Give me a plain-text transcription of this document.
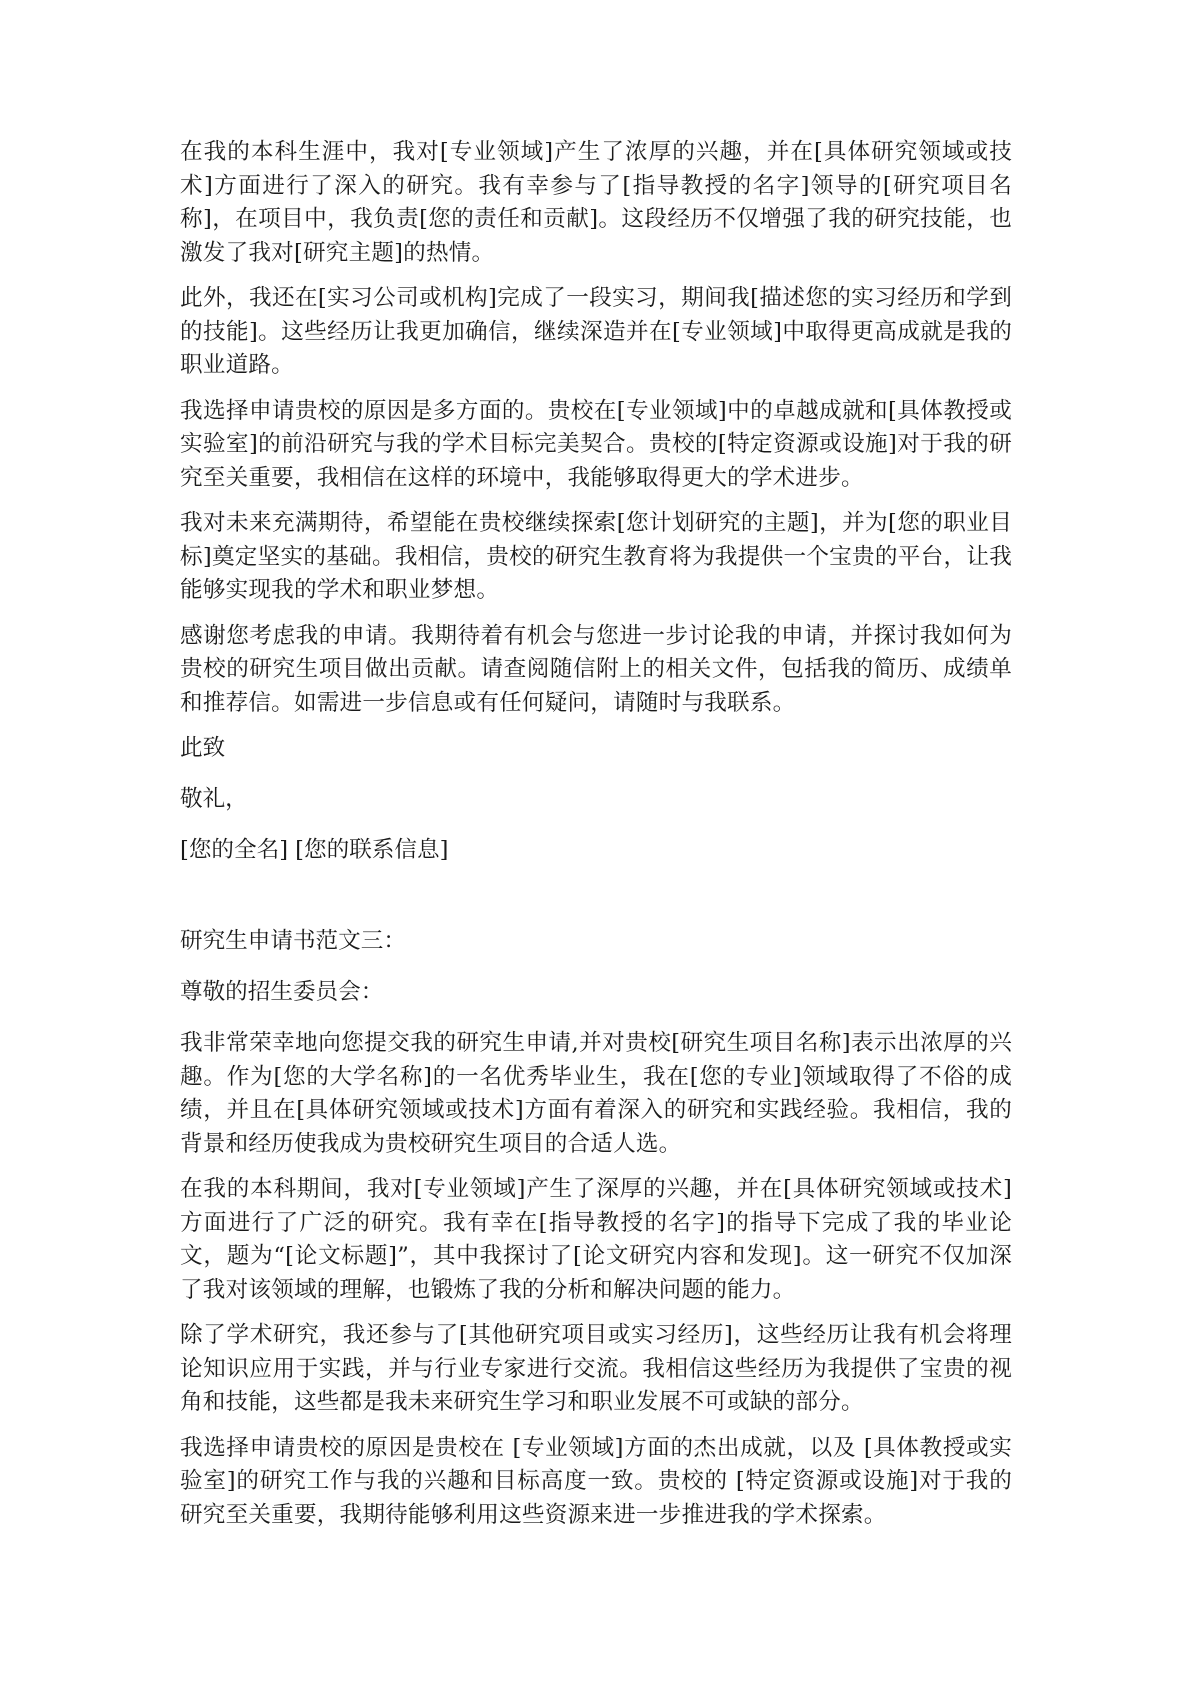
在我的本科生涯中，我对[专业领域]产生了浓厚的兴趣，并在[具体研究领域或技术]方面进行了深入的研究。我有幸参与了[指导教授的名字]领导的[研究项目名称]，在项目中，我负责[您的责任和贡献]。这段经历不仅增强了我的研究技能，也激发了我对[研究主题]的热情。

此外，我还在[实习公司或机构]完成了一段实习，期间我[描述您的实习经历和学到的技能]。这些经历让我更加确信，继续深造并在[专业领域]中取得更高成就是我的职业道路。

我选择申请贵校的原因是多方面的。贵校在[专业领域]中的卓越成就和[具体教授或实验室]的前沿研究与我的学术目标完美契合。贵校的[特定资源或设施]对于我的研究至关重要，我相信在这样的环境中，我能够取得更大的学术进步。

我对未来充满期待，希望能在贵校继续探索[您计划研究的主题]，并为[您的职业目标]奠定坚实的基础。我相信，贵校的研究生教育将为我提供一个宝贵的平台，让我能够实现我的学术和职业梦想。

感谢您考虑我的申请。我期待着有机会与您进一步讨论我的申请，并探讨我如何为贵校的研究生项目做出贡献。请查阅随信附上的相关文件，包括我的简历、成绩单和推荐信。如需进一步信息或有任何疑问，请随时与我联系。

此致

敬礼，

[您的全名] [您的联系信息]

研究生申请书范文三：

尊敬的招生委员会：

我非常荣幸地向您提交我的研究生申请,并对贵校[研究生项目名称]表示出浓厚的兴趣。作为[您的大学名称]的一名优秀毕业生，我在[您的专业]领域取得了不俗的成绩，并且在[具体研究领域或技术]方面有着深入的研究和实践经验。我相信，我的背景和经历使我成为贵校研究生项目的合适人选。

在我的本科期间，我对[专业领域]产生了深厚的兴趣，并在[具体研究领域或技术]方面进行了广泛的研究。我有幸在[指导教授的名字]的指导下完成了我的毕业论文，题为“[论文标题]”，其中我探讨了[论文研究内容和发现]。这一研究不仅加深了我对该领域的理解，也锻炼了我的分析和解决问题的能力。

除了学术研究，我还参与了[其他研究项目或实习经历]，这些经历让我有机会将理论知识应用于实践，并与行业专家进行交流。我相信这些经历为我提供了宝贵的视角和技能，这些都是我未来研究生学习和职业发展不可或缺的部分。

我选择申请贵校的原因是贵校在 [专业领域]方面的杰出成就，以及 [具体教授或实验室]的研究工作与我的兴趣和目标高度一致。贵校的 [特定资源或设施]对于我的研究至关重要，我期待能够利用这些资源来进一步推进我的学术探索。
